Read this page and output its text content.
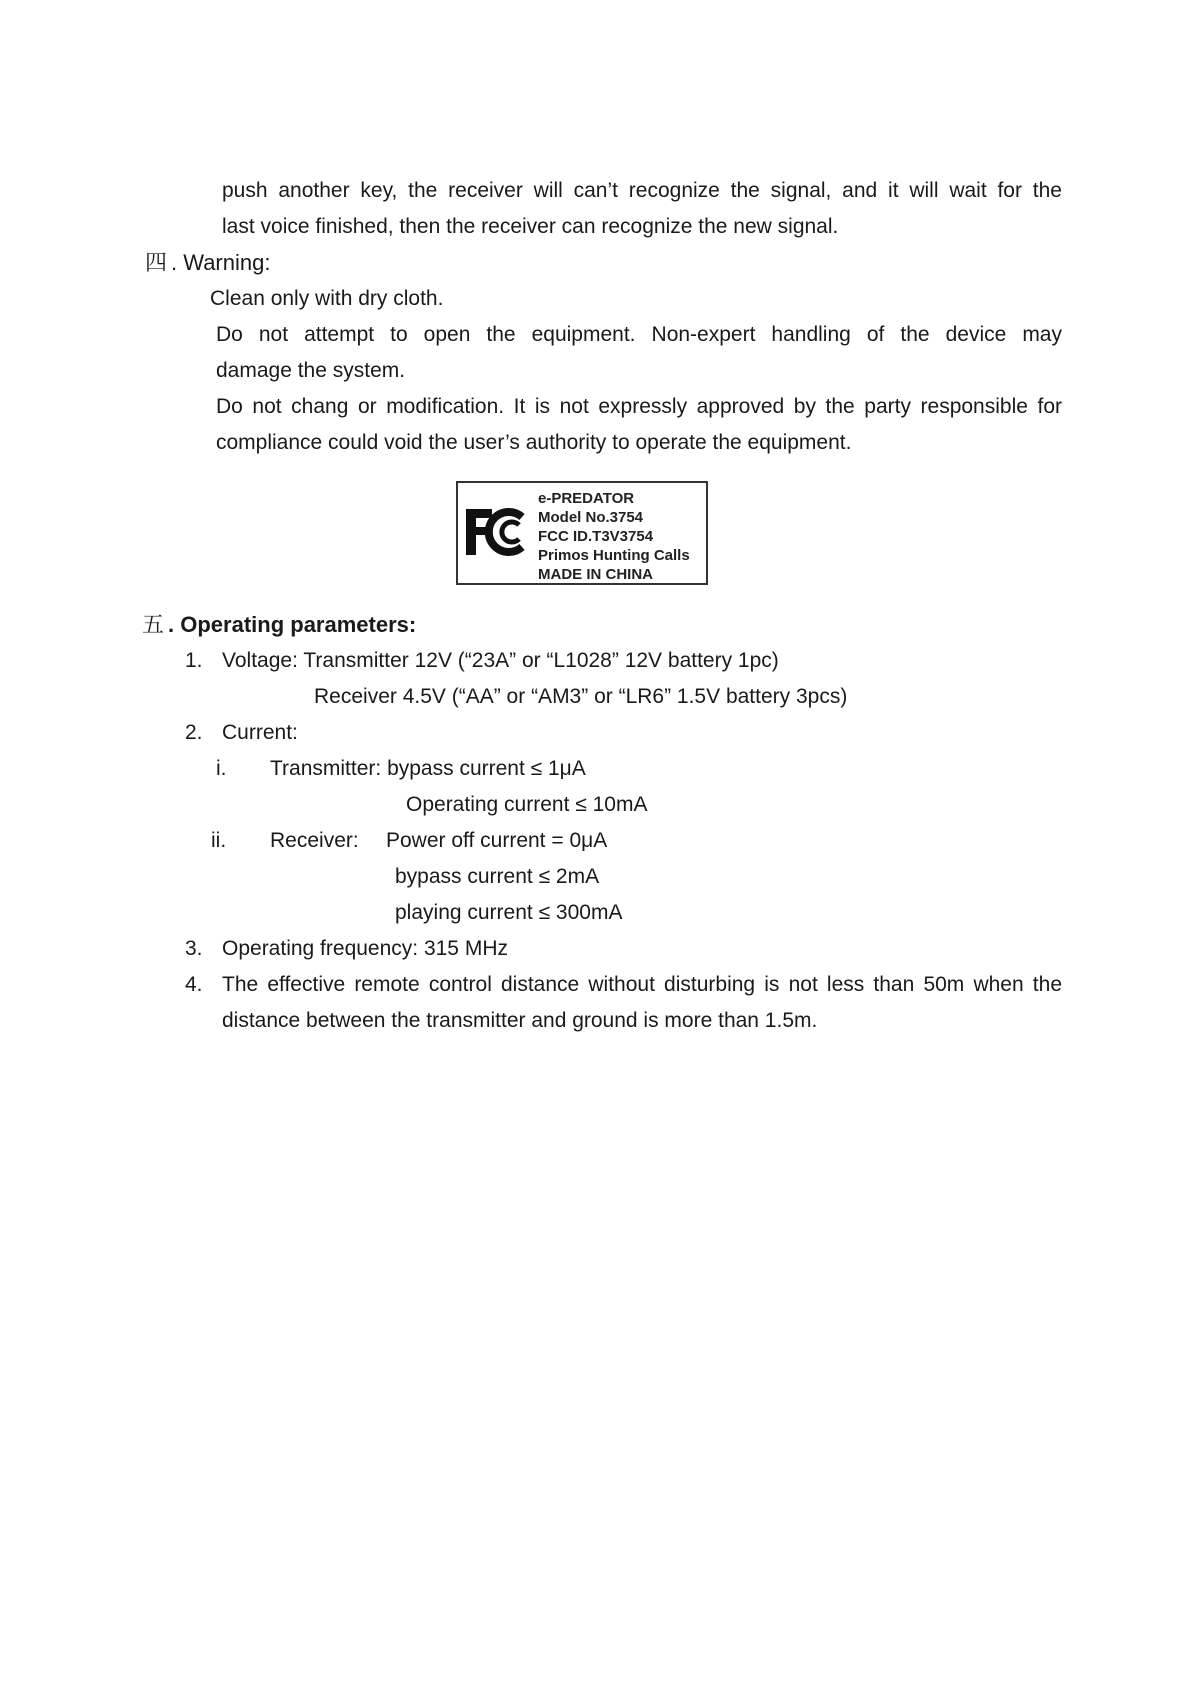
push another key, the receiver will can’t recognize the signal, and it will wait for the
last voice finished, then the receiver can recognize the new signal.
四 . Warning:
Clean only with dry cloth.
Do not attempt to open the equipment. Non-expert handling of the device may
damage the system.
Do not chang or modification. It is not expressly approved by the party responsible for
compliance could void the user’s authority to operate the equipment.
e-PREDATOR
Model No.3754
FCC ID.T3V3754
Primos Hunting Calls
MADE IN CHINA
五 . Operating parameters:
1. Voltage: Transmitter 12V (“23A” or “L1028” 12V battery 1pc)
Receiver 4.5V (“AA” or “AM3” or “LR6” 1.5V battery 3pcs)
2. Current:
i. Transmitter: bypass current ≤ 1μA
Operating current ≤ 10mA
ii. Receiver: Power off current = 0μA
bypass current ≤ 2mA
playing current ≤ 300mA
3. Operating frequency: 315 MHz
4. The effective remote control distance without disturbing is not less than 50m when the
distance between the transmitter and ground is more than 1.5m.
